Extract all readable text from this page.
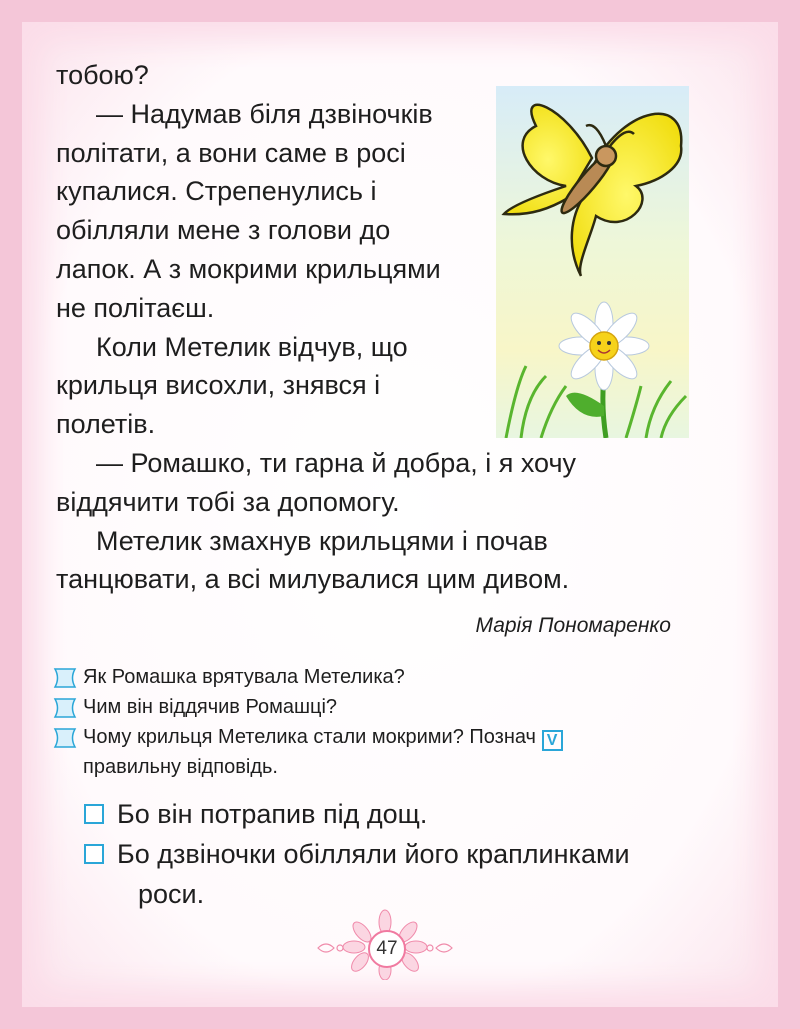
тобою?

— Надумав біля дзвіночків політати, а вони саме в росі купалися. Стрепенулись і обілляли мене з голови до лапок. А з мокрими крильцями не політаєш.

Коли Метелик відчув, що крильця висохли, знявся і полетів.

— Ромашко, ти гарна й добра, і я хочу віддячити тобі за допомогу.

Метелик змахнув крильцями і почав танцювати, а всі милувалися цим дивом.

Марія Пономаренко
Як Ромашка врятувала Метелика?
Чим він віддячив Ромашці?
Чому крильця Метелика стали мокрими? Познач V
правильну відповідь.
Бо він потрапив під дощ.
Бо дзвіночки обілляли його краплинками
роси.
47
